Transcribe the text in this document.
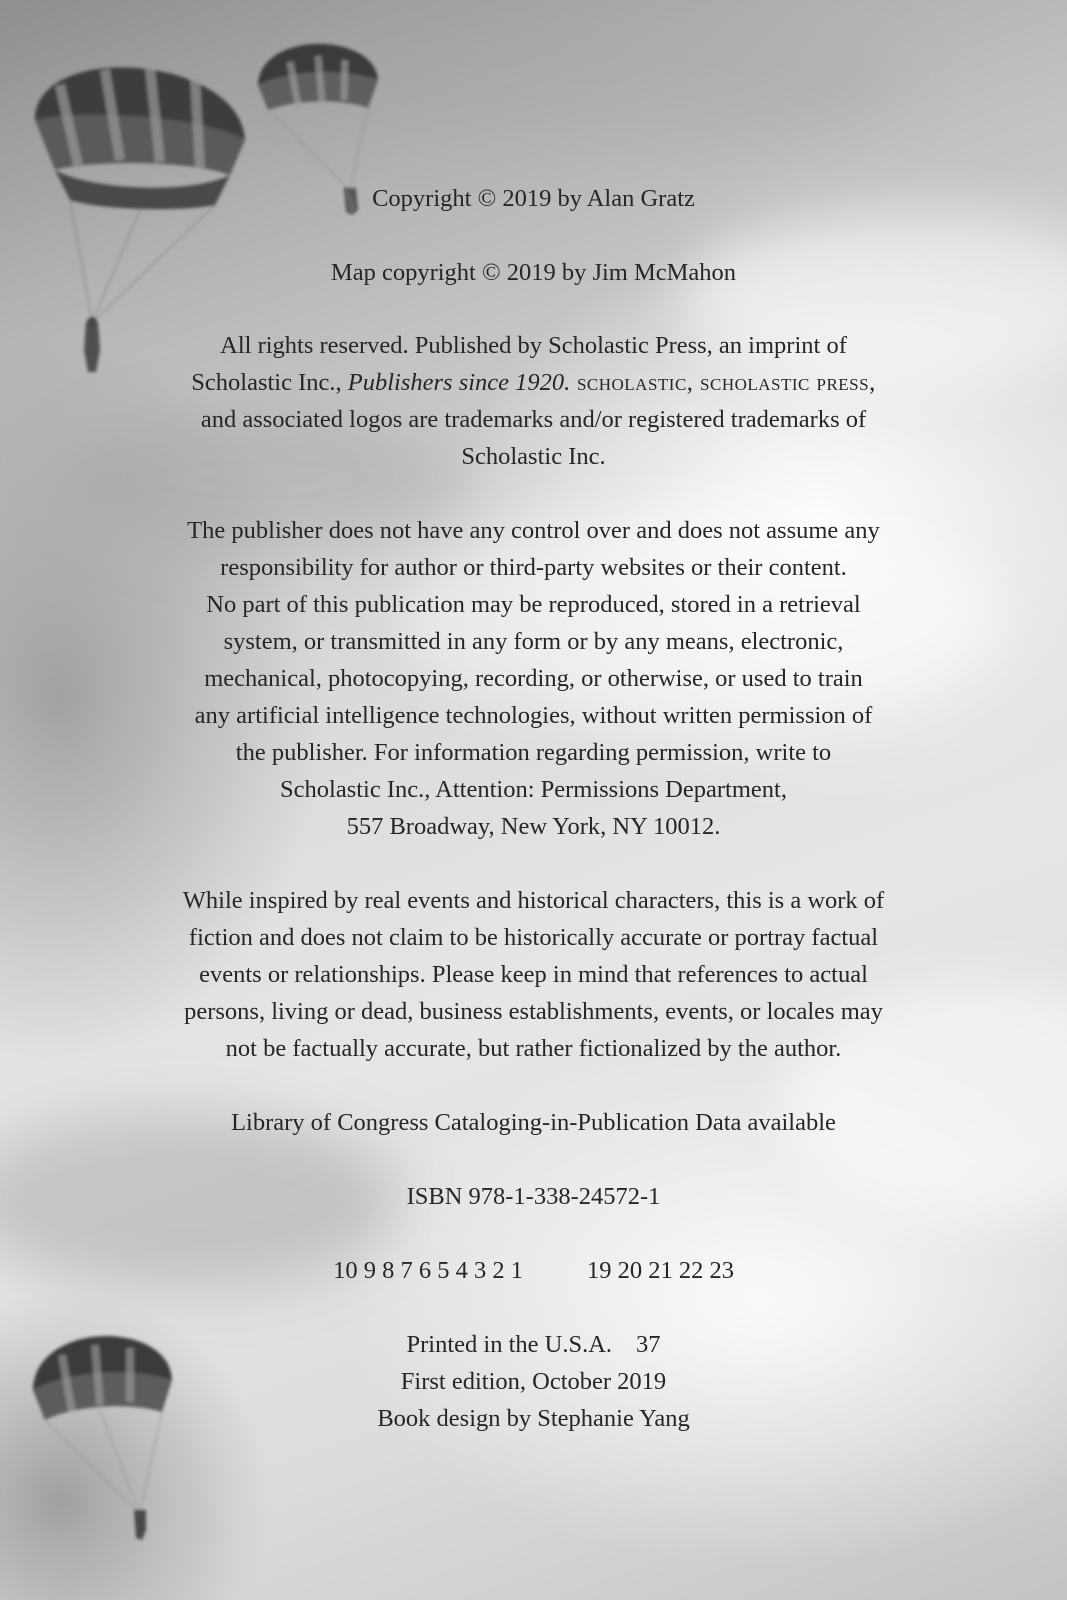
Copyright © 2019 by Alan Gratz
Map copyright © 2019 by Jim McMahon
All rights reserved. Published by Scholastic Press, an imprint of
Scholastic Inc., Publishers since 1920. scholastic, scholastic press,
and associated logos are trademarks and/or registered trademarks of
Scholastic Inc.
The publisher does not have any control over and does not assume any
responsibility for author or third-party websites or their content.
No part of this publication may be reproduced, stored in a retrieval
system, or transmitted in any form or by any means, electronic,
mechanical, photocopying, recording, or otherwise, or used to train
any artificial intelligence technologies, without written permission of
the publisher. For information regarding permission, write to
Scholastic Inc., Attention: Permissions Department,
557 Broadway, New York, NY 10012.
While inspired by real events and historical characters, this is a work of
fiction and does not claim to be historically accurate or portray factual
events or relationships. Please keep in mind that references to actual
persons, living or dead, business establishments, events, or locales may
not be factually accurate, but rather fictionalized by the author.
Library of Congress Cataloging-in-Publication Data available
ISBN 978-1-338-24572-1
10 9 8 7 6 5 4 3 2 1	19 20 21 22 23
Printed in the U.S.A. 37
First edition, October 2019
Book design by Stephanie Yang
